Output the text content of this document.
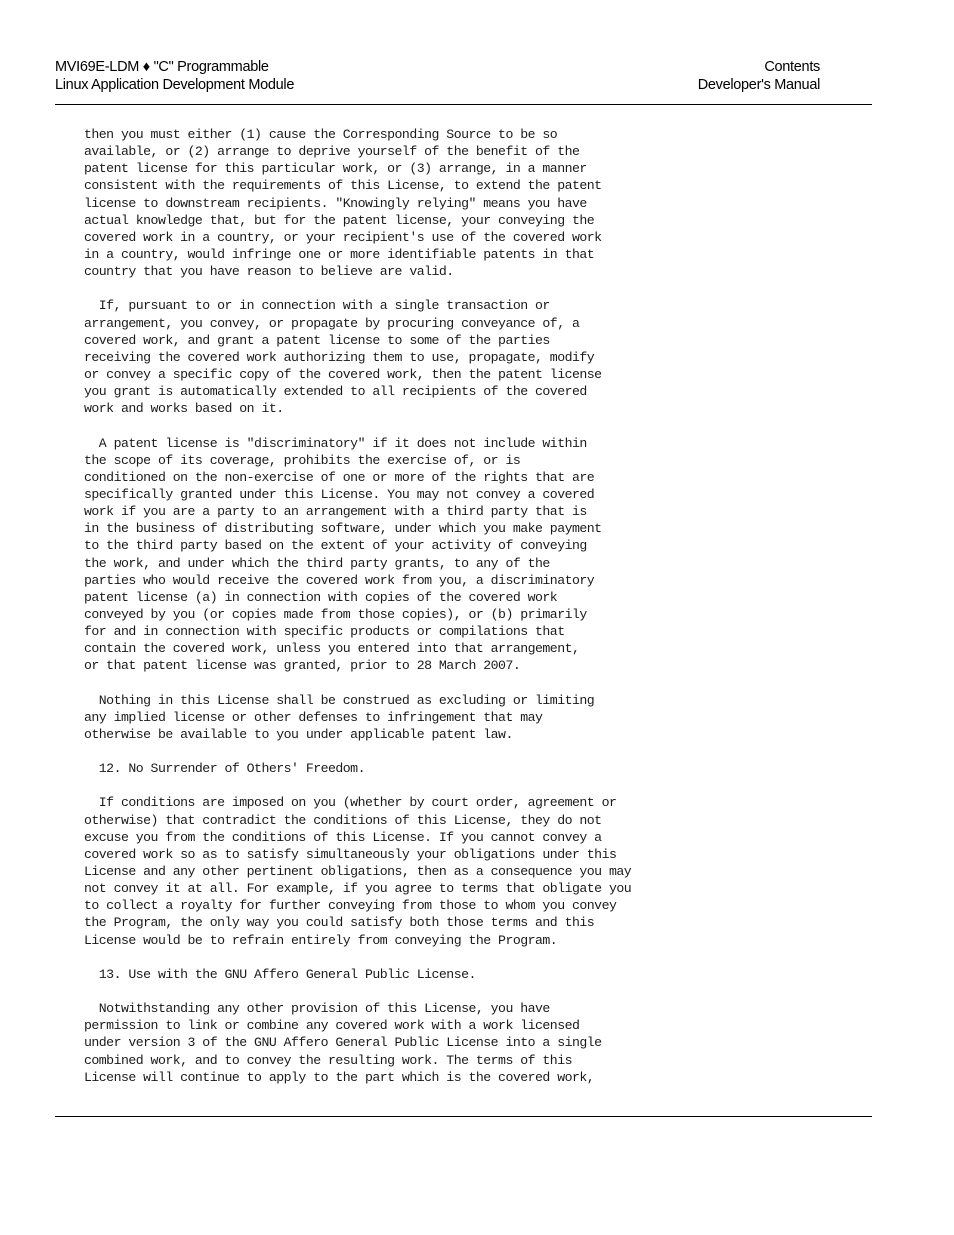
MVI69E-LDM ♦ "C" Programmable
Linux Application Development Module
Contents
Developer's Manual
then you must either (1) cause the Corresponding Source to be so
available, or (2) arrange to deprive yourself of the benefit of the
patent license for this particular work, or (3) arrange, in a manner
consistent with the requirements of this License, to extend the patent
license to downstream recipients. "Knowingly relying" means you have
actual knowledge that, but for the patent license, your conveying the
covered work in a country, or your recipient's use of the covered work
in a country, would infringe one or more identifiable patents in that
country that you have reason to believe are valid.
If, pursuant to or in connection with a single transaction or
arrangement, you convey, or propagate by procuring conveyance of, a
covered work, and grant a patent license to some of the parties
receiving the covered work authorizing them to use, propagate, modify
or convey a specific copy of the covered work, then the patent license
you grant is automatically extended to all recipients of the covered
work and works based on it.
A patent license is "discriminatory" if it does not include within
the scope of its coverage, prohibits the exercise of, or is
conditioned on the non-exercise of one or more of the rights that are
specifically granted under this License. You may not convey a covered
work if you are a party to an arrangement with a third party that is
in the business of distributing software, under which you make payment
to the third party based on the extent of your activity of conveying
the work, and under which the third party grants, to any of the
parties who would receive the covered work from you, a discriminatory
patent license (a) in connection with copies of the covered work
conveyed by you (or copies made from those copies), or (b) primarily
for and in connection with specific products or compilations that
contain the covered work, unless you entered into that arrangement,
or that patent license was granted, prior to 28 March 2007.
Nothing in this License shall be construed as excluding or limiting
any implied license or other defenses to infringement that may
otherwise be available to you under applicable patent law.
12. No Surrender of Others' Freedom.
If conditions are imposed on you (whether by court order, agreement or
otherwise) that contradict the conditions of this License, they do not
excuse you from the conditions of this License. If you cannot convey a
covered work so as to satisfy simultaneously your obligations under this
License and any other pertinent obligations, then as a consequence you may
not convey it at all. For example, if you agree to terms that obligate you
to collect a royalty for further conveying from those to whom you convey
the Program, the only way you could satisfy both those terms and this
License would be to refrain entirely from conveying the Program.
13. Use with the GNU Affero General Public License.
Notwithstanding any other provision of this License, you have
permission to link or combine any covered work with a work licensed
under version 3 of the GNU Affero General Public License into a single
combined work, and to convey the resulting work. The terms of this
License will continue to apply to the part which is the covered work,
